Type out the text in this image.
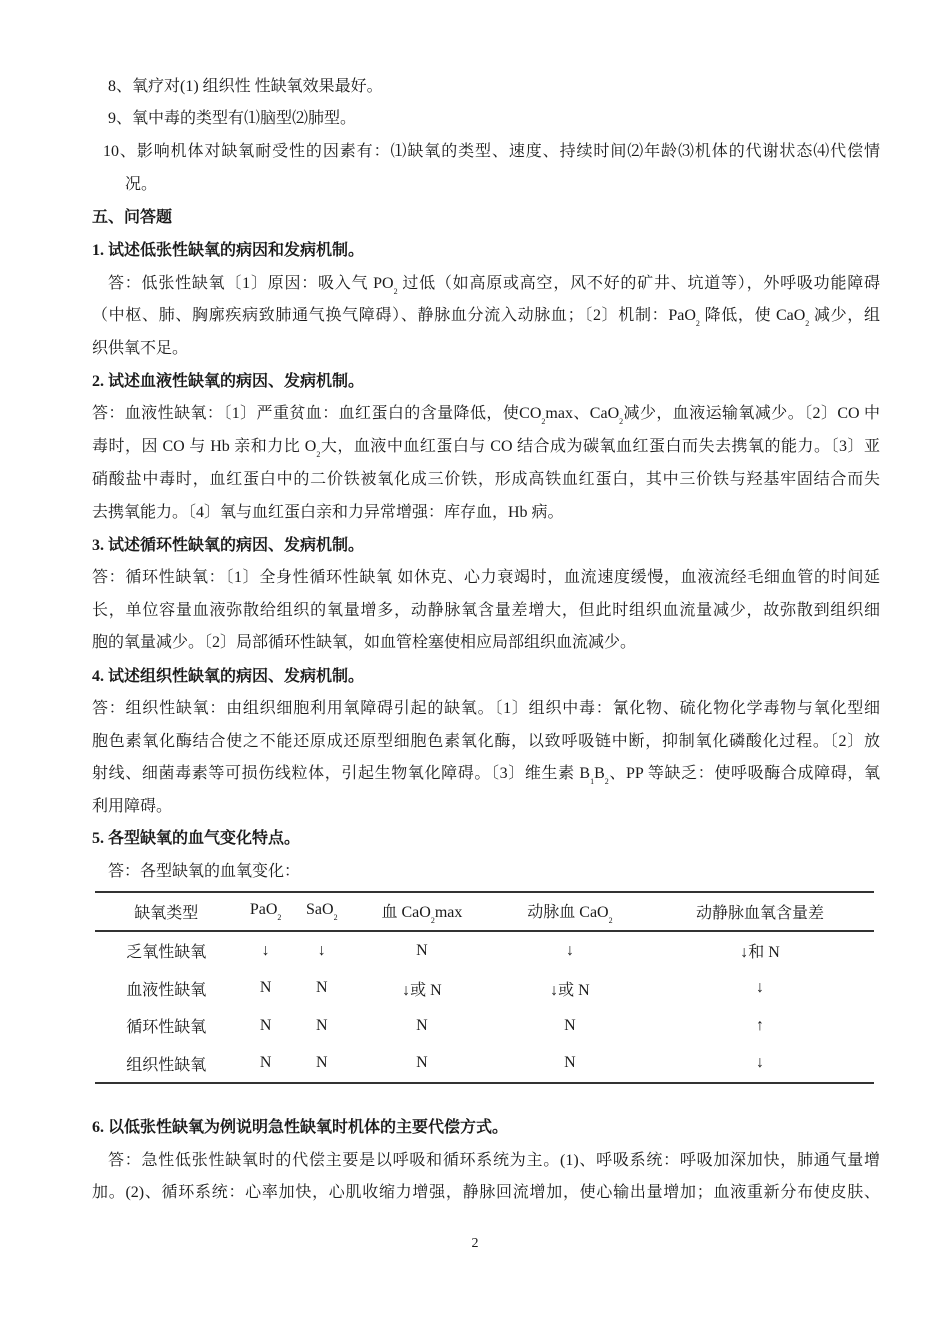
8、氧疗对(1) 组织性 性缺氧效果最好。
9、氧中毒的类型有⑴脑型⑵肺型。
10、影响机体对缺氧耐受性的因素有：⑴缺氧的类型、速度、持续时间⑵年龄⑶机体的代谢状态⑷代偿情
况。
五、问答题
1. 试述低张性缺氧的病因和发病机制。
答：低张性缺氧〔1〕原因：吸入气 $PO_2$ 过低（如高原或高空，风不好的矿井、坑道等），外呼吸功能障碍
（中枢、肺、胸廓疾病致肺通气换气障碍）、静脉血分流入动脉血；〔2〕机制：PaO$_2$ 降低，使 CaO$_2$ 减少，组
织供氧不足。
2. 试述血液性缺氧的病因、发病机制。
答：血液性缺氧：〔1〕严重贫血：血红蛋白的含量降低，使$CO_2\max$、CaO$_2$减少，血液运输氧减少。〔2〕CO 中
毒时，因 CO 与 Hb 亲和力比 $O_2$大，血液中血红蛋白与 CO 结合成为碳氧血红蛋白而失去携氧的能力。〔3〕亚
硝酸盐中毒时，血红蛋白中的二价铁被氧化成三价铁，形成高铁血红蛋白，其中三价铁与羟基牢固结合而失
去携氧能力。〔4〕氧与血红蛋白亲和力异常增强：库存血，Hb 病。
3. 试述循环性缺氧的病因、发病机制。
答：循环性缺氧：〔1〕全身性循环性缺氧 如休克、心力衰竭时，血流速度缓慢，血液流经毛细血管的时间延
长，单位容量血液弥散给组织的氧量增多，动静脉氧含量差增大，但此时组织血流量减少，故弥散到组织细
胞的氧量减少。〔2〕局部循环性缺氧，如血管栓塞使相应局部组织血流减少。
4. 试述组织性缺氧的病因、发病机制。
答：组织性缺氧：由组织细胞利用氧障碍引起的缺氧。〔1〕组织中毒：氰化物、硫化物化学毒物与氧化型细
胞色素氧化酶结合使之不能还原成还原型细胞色素氧化酶，以致呼吸链中断，抑制氧化磷酸化过程。〔2〕放
射线、细菌毒素等可损伤线粒体，引起生物氧化障碍。〔3〕维生素 $B_1B_2$、PP 等缺乏：使呼吸酶合成障碍，氧
利用障碍。
5. 各型缺氧的血气变化特点。
答：各型缺氧的血氧变化：
6. 以低张性缺氧为例说明急性缺氧时机体的主要代偿方式。
答：急性低张性缺氧时的代偿主要是以呼吸和循环系统为主。(1)、呼吸系统：呼吸加深加快，肺通气量增
加。(2)、循环系统：心率加快，心肌收缩力增强，静脉回流增加，使心输出量增加；血液重新分布使皮肤、
缺氧类型	PaO$_2$	SaO$_2$	血 CaO$_2$max	动脉血 CaO$_2$	动静脉血氧含量差
乏氧性缺氧	↓	↓	N	↓	↓和 N
血液性缺氧	N	N	↓或 N	↓或 N	↓
循环性缺氧	N	N	N	N	↑
组织性缺氧	N	N	N	N	↓
2
